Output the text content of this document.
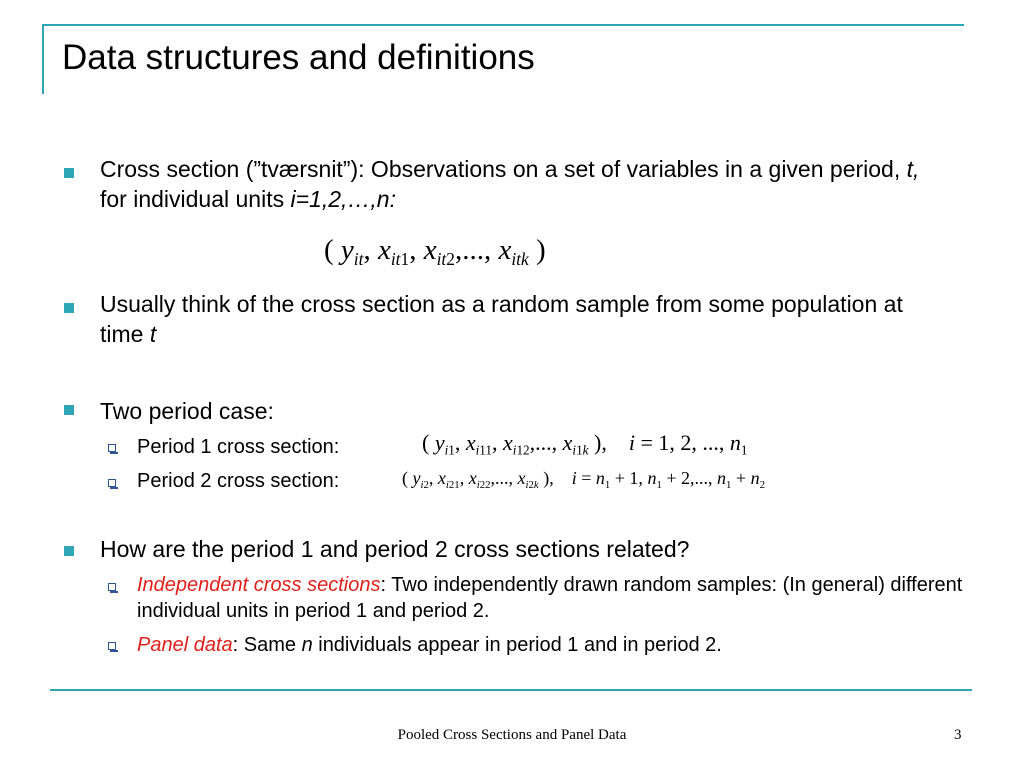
Data structures and definitions
Cross section (”tværsnit”): Observations on a set of variables in a given period, t, for individual units i=1,2,…,n:
( $y_{it}$, $x_{it1}$, $x_{it2}$,..., $x_{itk}$ )
Usually think of the cross section as a random sample from some population at time t
Two period case:
Period 1 cross section:	( $y_{i1}$, $x_{i11}$, $x_{i12}$,..., $x_{i1k}$ ),    i = 1, 2, ..., $n_1$
Period 2 cross section:	( $y_{i2}$, $x_{i21}$, $x_{i22}$,..., $x_{i2k}$ ),    $i = n_1 + 1$, $n_1 + 2$,..., $n_1 + n_2$
How are the period 1 and period 2 cross sections related?
Independent cross sections: Two independently drawn random samples: (In general) different individual units in period 1 and period 2.
Panel data: Same n individuals appear in period 1 and in period 2.
Pooled Cross Sections and Panel Data	3
